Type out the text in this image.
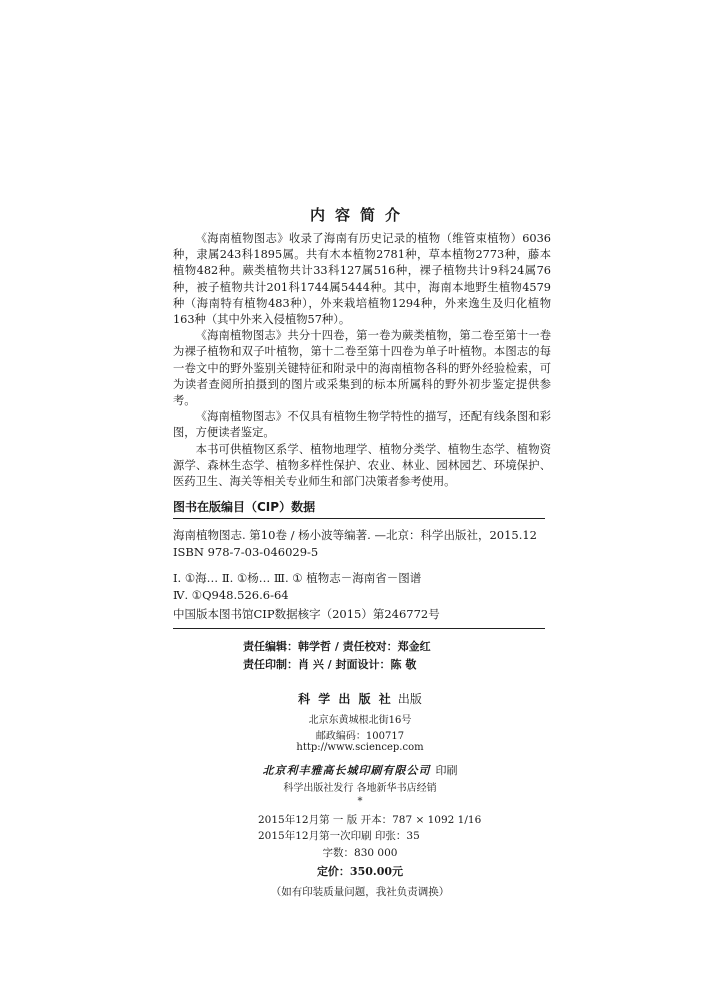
内容简介

《海南植物图志》收录了海南有历史记录的植物（维管束植物）6036种，隶属243科1895属。共有木本植物2781种，草本植物2773种，藤本植物482种。蕨类植物共计33科127属516种，裸子植物共计9科24属76种，被子植物共计201科1744属5444种。其中，海南本地野生植物4579种（海南特有植物483种），外来栽培植物1294种，外来逸生及归化植物163种（其中外来入侵植物57种）。

《海南植物图志》共分十四卷，第一卷为蕨类植物，第二卷至第十一卷为裸子植物和双子叶植物，第十二卷至第十四卷为单子叶植物。本图志的每一卷文中的野外鉴别关键特征和附录中的海南植物各科的野外经验检索，可为读者查阅所拍摄到的图片或采集到的标本所属科的野外初步鉴定提供参考。

《海南植物图志》不仅具有植物生物学特性的描写，还配有线条图和彩图，方便读者鉴定。

本书可供植物区系学、植物地理学、植物分类学、植物生态学、植物资源学、森林生态学、植物多样性保护、农业、林业、园林园艺、环境保护、医药卫生、海关等相关专业师生和部门决策者参考使用。

图书在版编目（CIP）数据
海南植物图志. 第10卷 / 杨小波等编著. —北京：科学出版社，2015.12
ISBN 978-7-03-046029-5
Ⅰ. ①海… Ⅱ. ①杨… Ⅲ. ① 植物志－海南省－图谱
Ⅳ. ①Q948.526.6-64
中国版本图书馆CIP数据核字（2015）第246772号
责任编辑：韩学哲 / 责任校对：郑金红
责任印制：肖 兴 / 封面设计：陈 敬
科 学 出 版 社 出版
北京东黄城根北街16号
邮政编码：100717
http://www.sciencep.com
北京利丰雅高长城印刷有限公司 印刷
科学出版社发行 各地新华书店经销
*
2015年12月第 一 版 开本：787 × 1092 1/16
2015年12月第一次印刷 印张：35
字数：830 000
定价：350.00元
（如有印装质量问题，我社负责调换）
